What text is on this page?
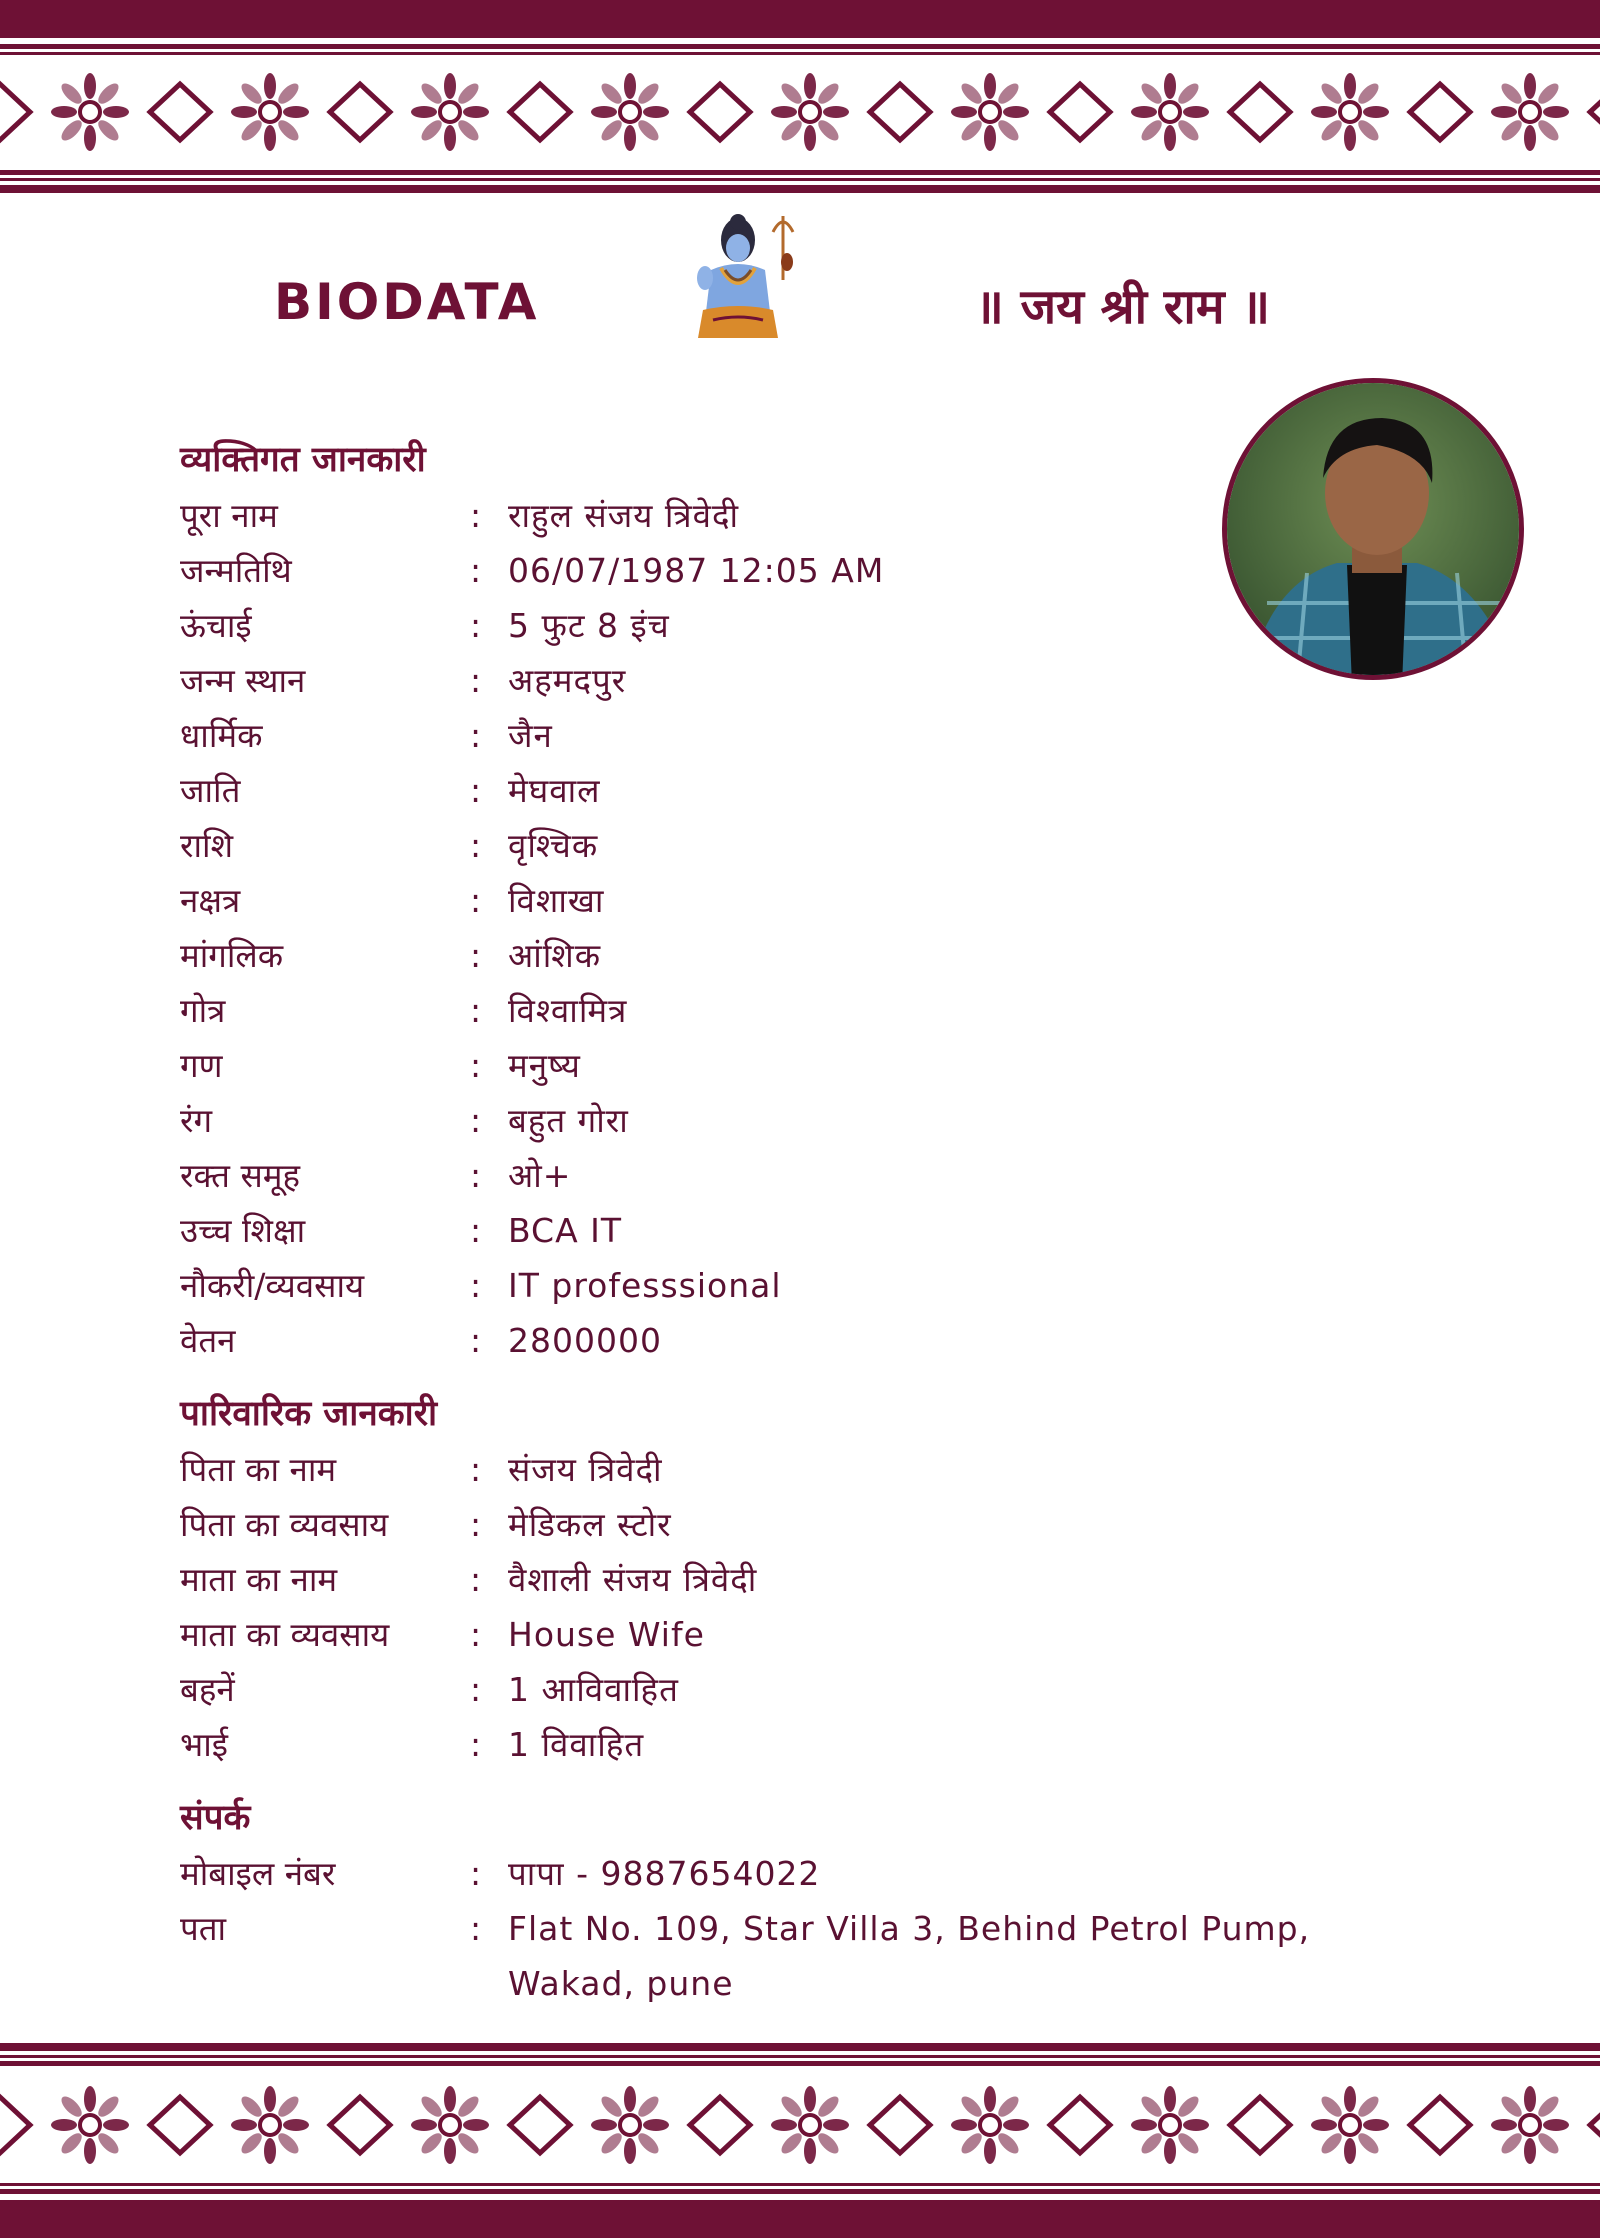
BIODATA	॥ जय श्री राम ॥
व्यक्तिगत जानकारी
पूरा नाम	: राहुल संजय त्रिवेदी
जन्मतिथि	: 06/07/1987 12:05 AM
ऊंचाई	: 5 फुट 8 इंच
जन्म स्थान	: अहमदपुर
धार्मिक	: जैन
जाति	: मेघवाल
राशि	: वृश्चिक
नक्षत्र	: विशाखा
मांगलिक	: आंशिक
गोत्र	: विश्वामित्र
गण	: मनुष्य
रंग	: बहुत गोरा
रक्त समूह	: ओ+
उच्च शिक्षा	: BCA IT
नौकरी/व्यवसाय	: IT professsional
वेतन	: 2800000
पारिवारिक जानकारी
पिता का नाम	: संजय त्रिवेदी
पिता का व्यवसाय	: मेडिकल स्टोर
माता का नाम	: वैशाली संजय त्रिवेदी
माता का व्यवसाय	: House Wife
बहनें	: 1 आविवाहित
भाई	: 1 विवाहित
संपर्क
मोबाइल नंबर	: पापा - 9887654022
पता	: Flat No. 109, Star Villa 3, Behind Petrol Pump, Wakad, pune
